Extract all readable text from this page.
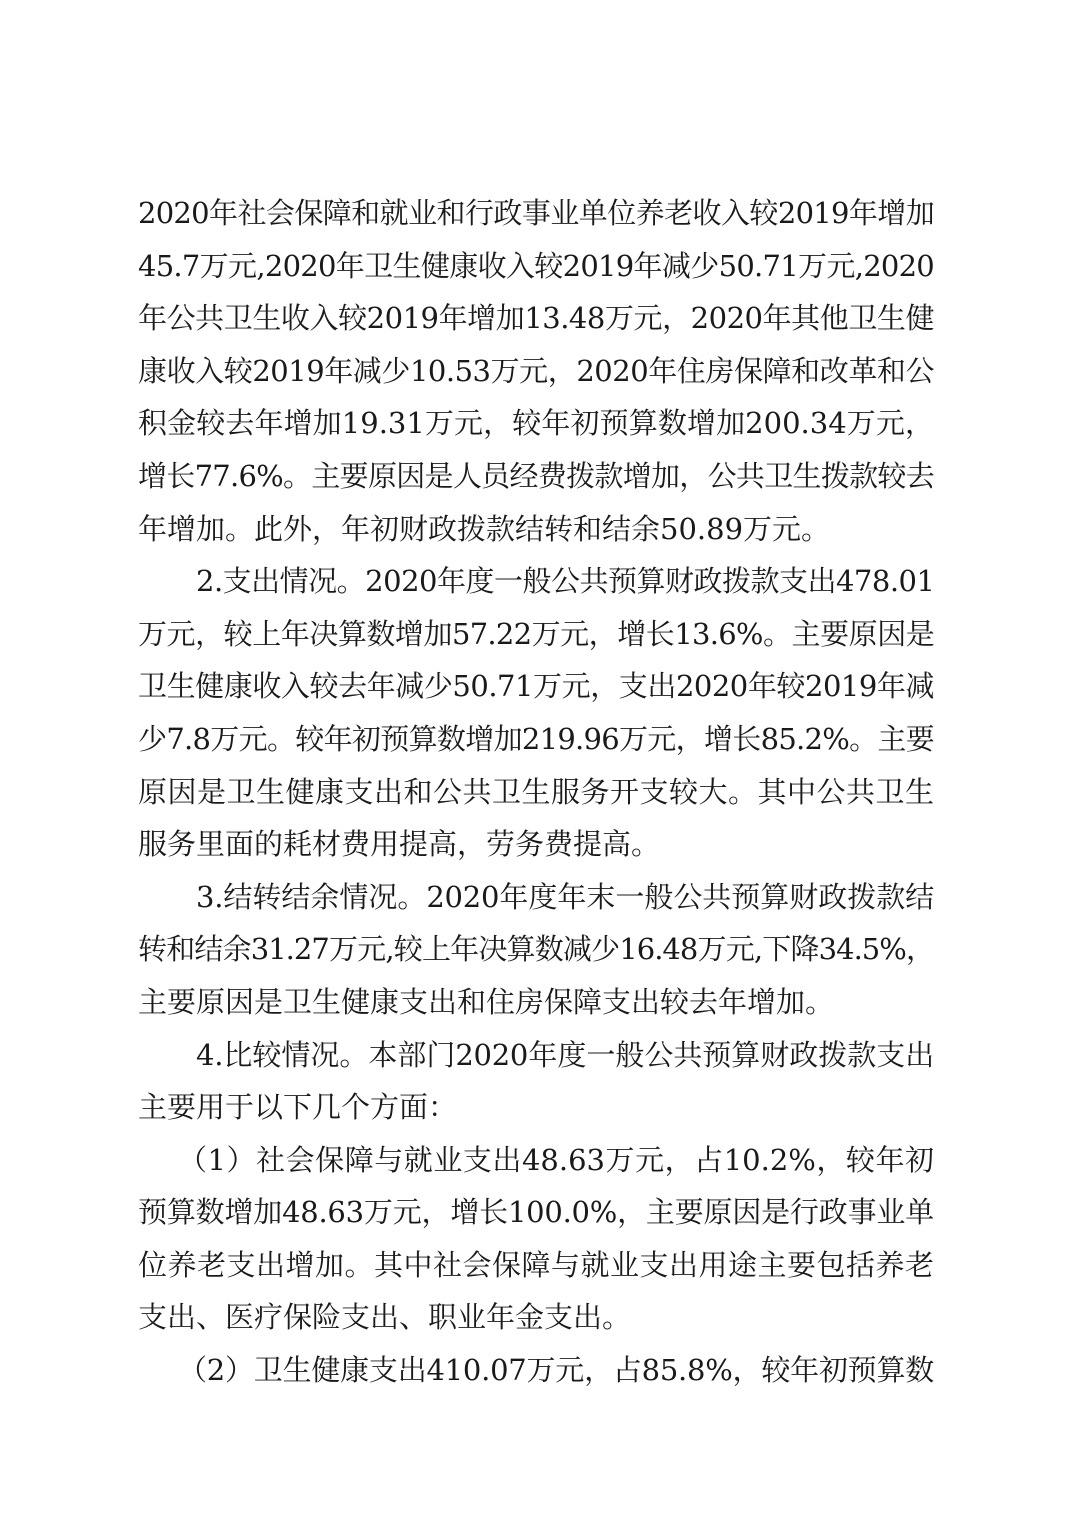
2020年社会保障和就业和行政事业单位养老收入较2019年增加
45.7万元,2020年卫生健康收入较2019年减少50.71万元,2020
年公共卫生收入较2019年增加13.48万元，2020年其他卫生健
康收入较2019年减少10.53万元，2020年住房保障和改革和公
积金较去年增加19.31万元，较年初预算数增加200.34万元，
增长77.6%。主要原因是人员经费拨款增加，公共卫生拨款较去
年增加。此外，年初财政拨款结转和结余50.89万元。
2.支出情况。2020年度一般公共预算财政拨款支出478.01
万元，较上年决算数增加57.22万元，增长13.6%。主要原因是
卫生健康收入较去年减少50.71万元，支出2020年较2019年减
少7.8万元。较年初预算数增加219.96万元，增长85.2%。主要
原因是卫生健康支出和公共卫生服务开支较大。其中公共卫生
服务里面的耗材费用提高，劳务费提高。
3.结转结余情况。2020年度年末一般公共预算财政拨款结
转和结余31.27万元,较上年决算数减少16.48万元,下降34.5%，
主要原因是卫生健康支出和住房保障支出较去年增加。
4.比较情况。本部门2020年度一般公共预算财政拨款支出
主要用于以下几个方面：
（1）社会保障与就业支出48.63万元，占10.2%，较年初
预算数增加48.63万元，增长100.0%，主要原因是行政事业单
位养老支出增加。其中社会保障与就业支出用途主要包括养老
支出、医疗保险支出、职业年金支出。
（2）卫生健康支出410.07万元，占85.8%，较年初预算数
